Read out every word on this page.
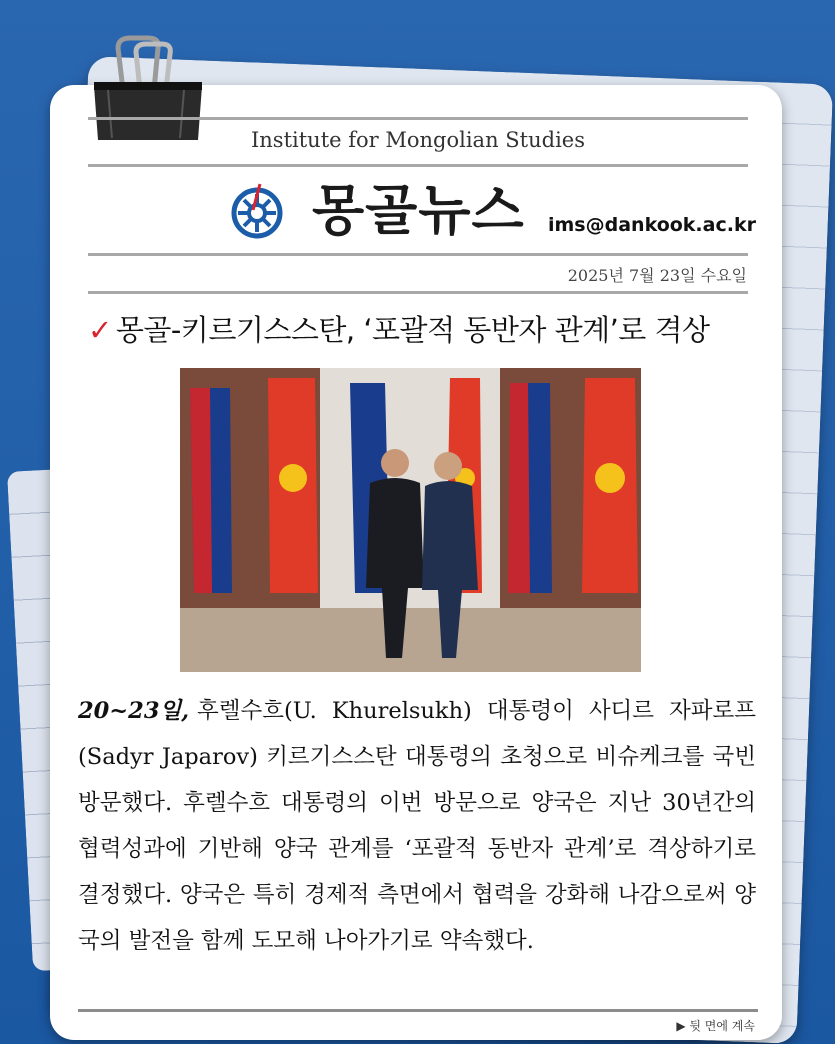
Institute for Mongolian Studies
몽골뉴스 ims@dankook.ac.kr
2025년 7월 23일 수요일
✓ 몽골-키르기스스탄, ‘포괄적 동반자 관계’로 격상
20~23일, 후렐수흐(U. Khurelsukh) 대통령이 사디르 자파로프(Sadyr Japarov) 키르기스스탄 대통령의 초청으로 비슈케크를 국빈 방문했다. 후렐수흐 대통령의 이번 방문으로 양국은 지난 30년간의 협력성과에 기반해 양국 관계를 ‘포괄적 동반자 관계’로 격상하기로 결정했다. 양국은 특히 경제적 측면에서 협력을 강화해 나감으로써 양국의 발전을 함께 도모해 나아가기로 약속했다.
▶ 뒷 면에 계속
